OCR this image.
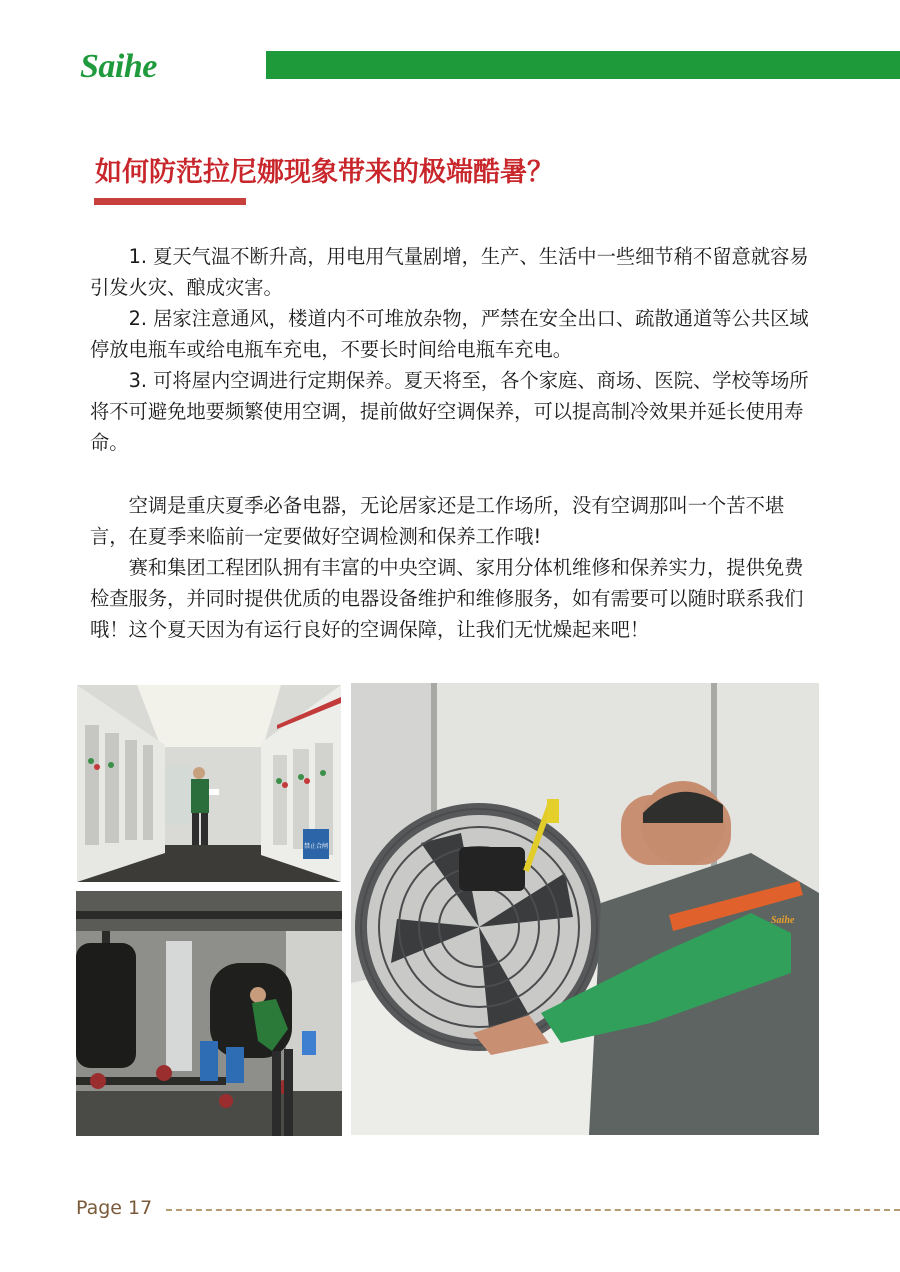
Saihe
如何防范拉尼娜现象带来的极端酷暑？

1. 夏天气温不断升高，用电用气量剧增，生产、生活中一些细节稍不留意就容易引发火灾、酿成灾害。

2. 居家注意通风，楼道内不可堆放杂物，严禁在安全出口、疏散通道等公共区域停放电瓶车或给电瓶车充电，不要长时间给电瓶车充电。

3. 可将屋内空调进行定期保养。夏天将至，各个家庭、商场、医院、学校等场所将不可避免地要频繁使用空调，提前做好空调保养，可以提高制冷效果并延长使用寿命。

空调是重庆夏季必备电器，无论居家还是工作场所，没有空调那叫一个苦不堪言，在夏季来临前一定要做好空调检测和保养工作哦!

赛和集团工程团队拥有丰富的中央空调、家用分体机维修和保养实力，提供免费检查服务，并同时提供优质的电器设备维护和维修服务，如有需要可以随时联系我们哦！这个夏天因为有运行良好的空调保障，让我们无忧燥起来吧！

禁止合闸
Saihe
Page 17
